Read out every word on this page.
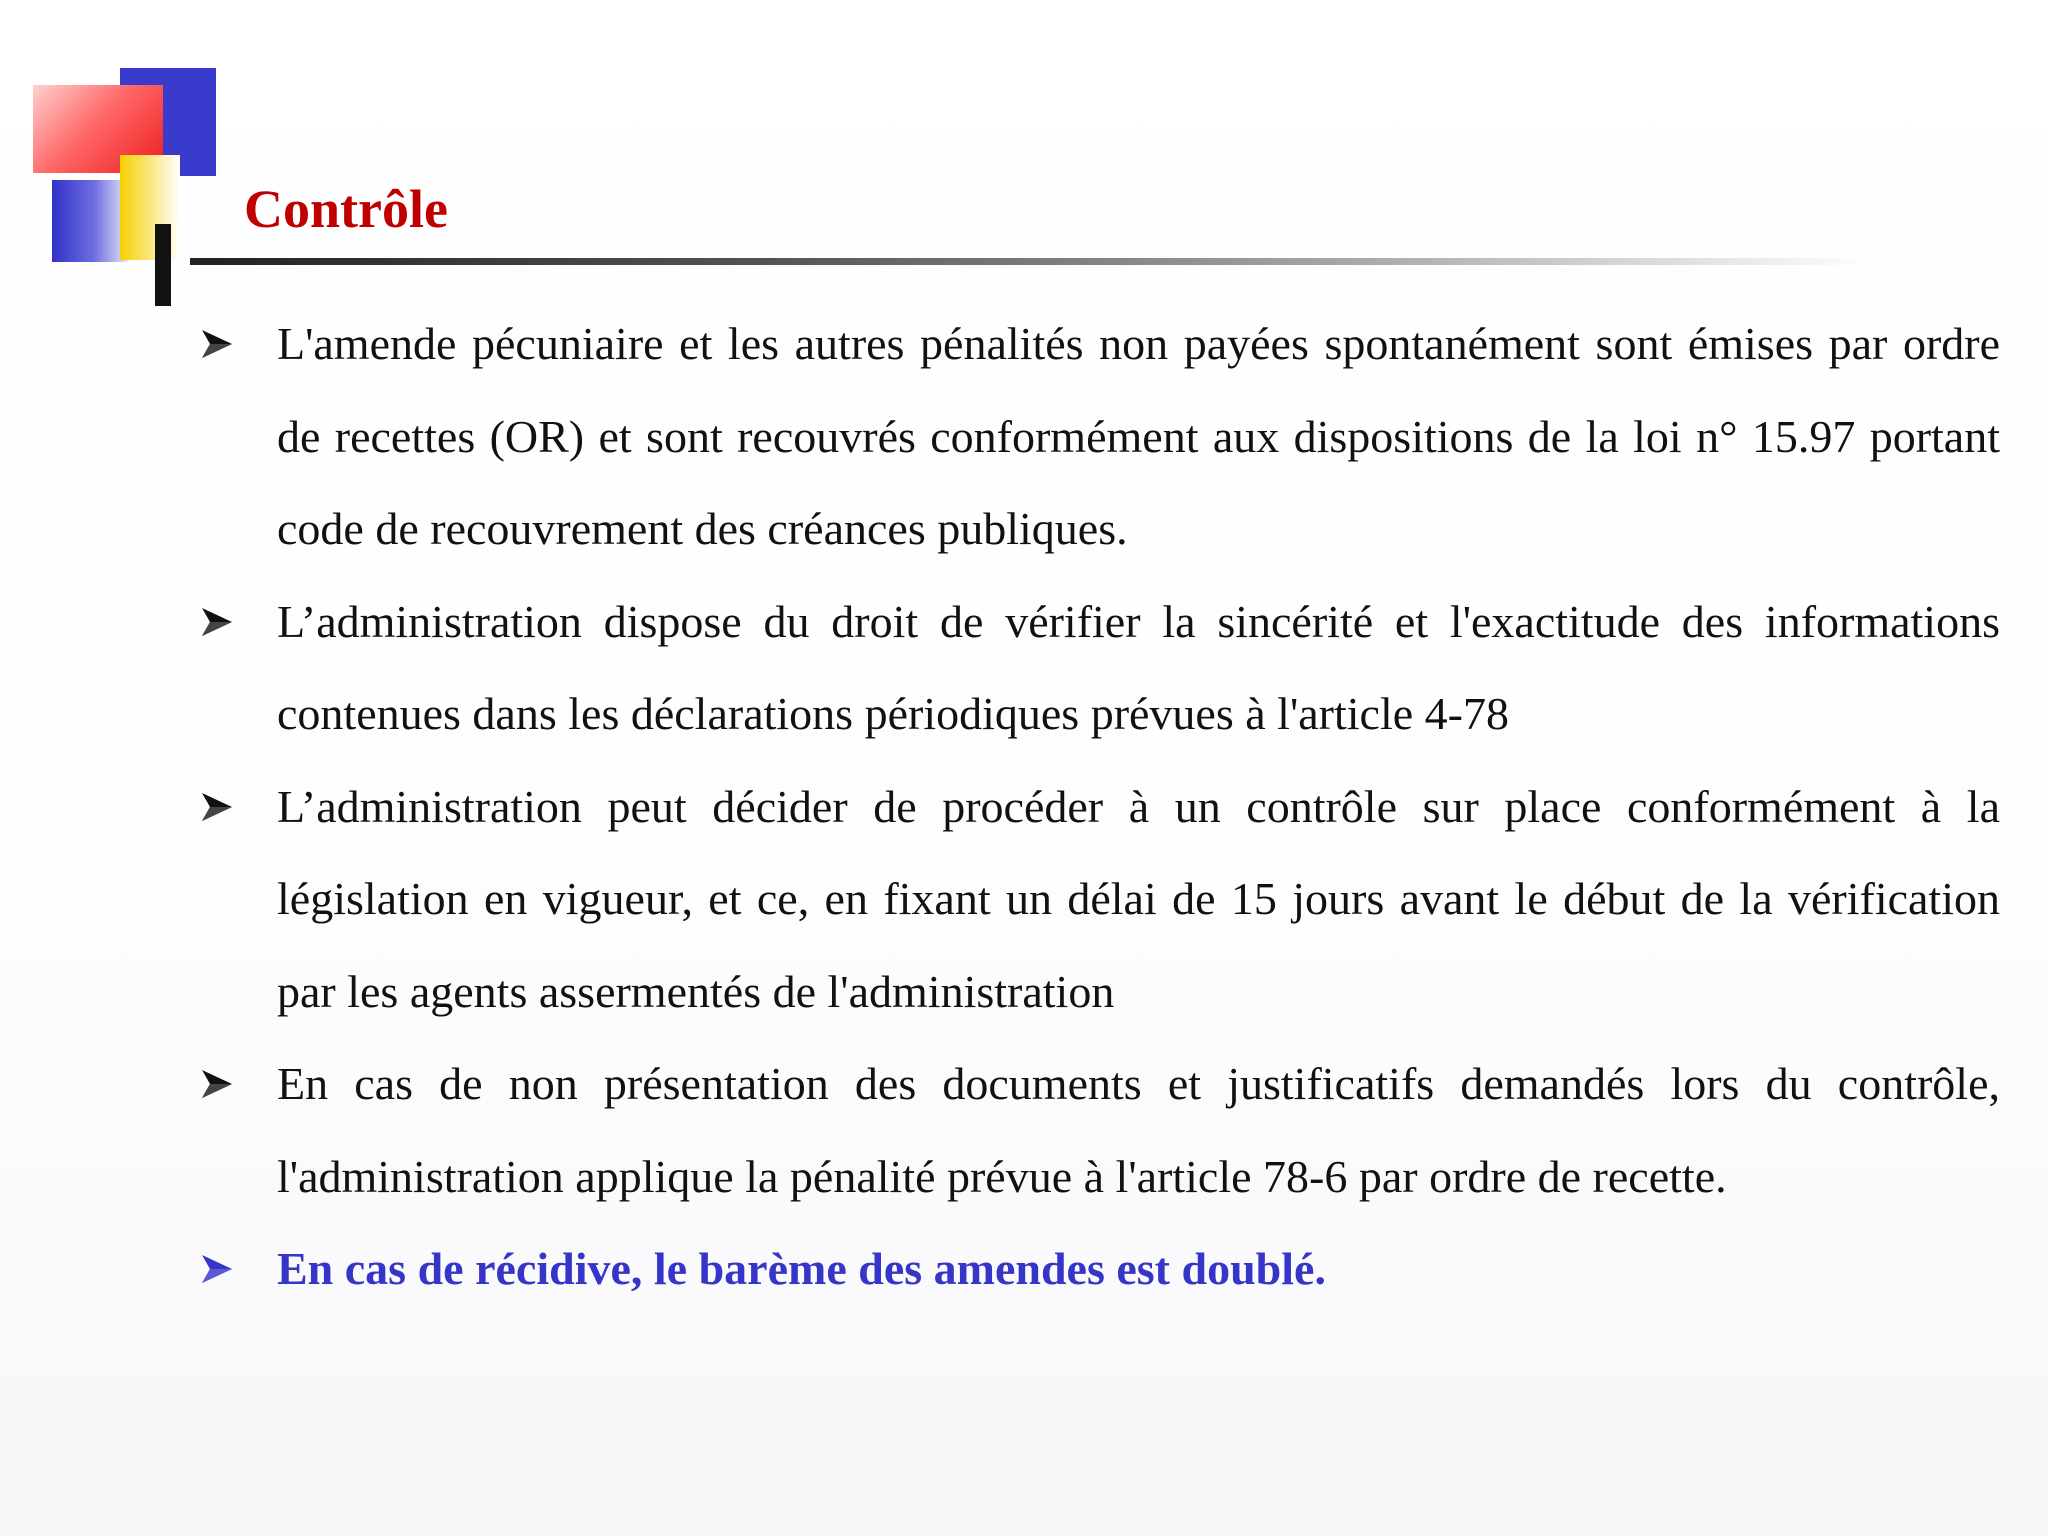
Contrôle
L'amende pécuniaire et les autres pénalités non payées spontanément sont émises par ordre de recettes (OR) et sont recouvrés conformément aux dispositions de la loi n° 15.97 portant code de recouvrement des créances publiques.
L’administration dispose du droit de vérifier la sincérité et l'exactitude des informations contenues dans les déclarations périodiques prévues à l'article 4-78
L’administration peut décider de procéder à un contrôle sur place conformément à la législation en vigueur, et ce, en fixant un délai de 15 jours avant le début de la vérification par les agents assermentés de l'administration
En cas de non présentation des documents et justificatifs demandés lors du contrôle, l'administration applique la pénalité prévue à l'article 78-6 par ordre de recette.
En cas de récidive, le barème des amendes est doublé.
